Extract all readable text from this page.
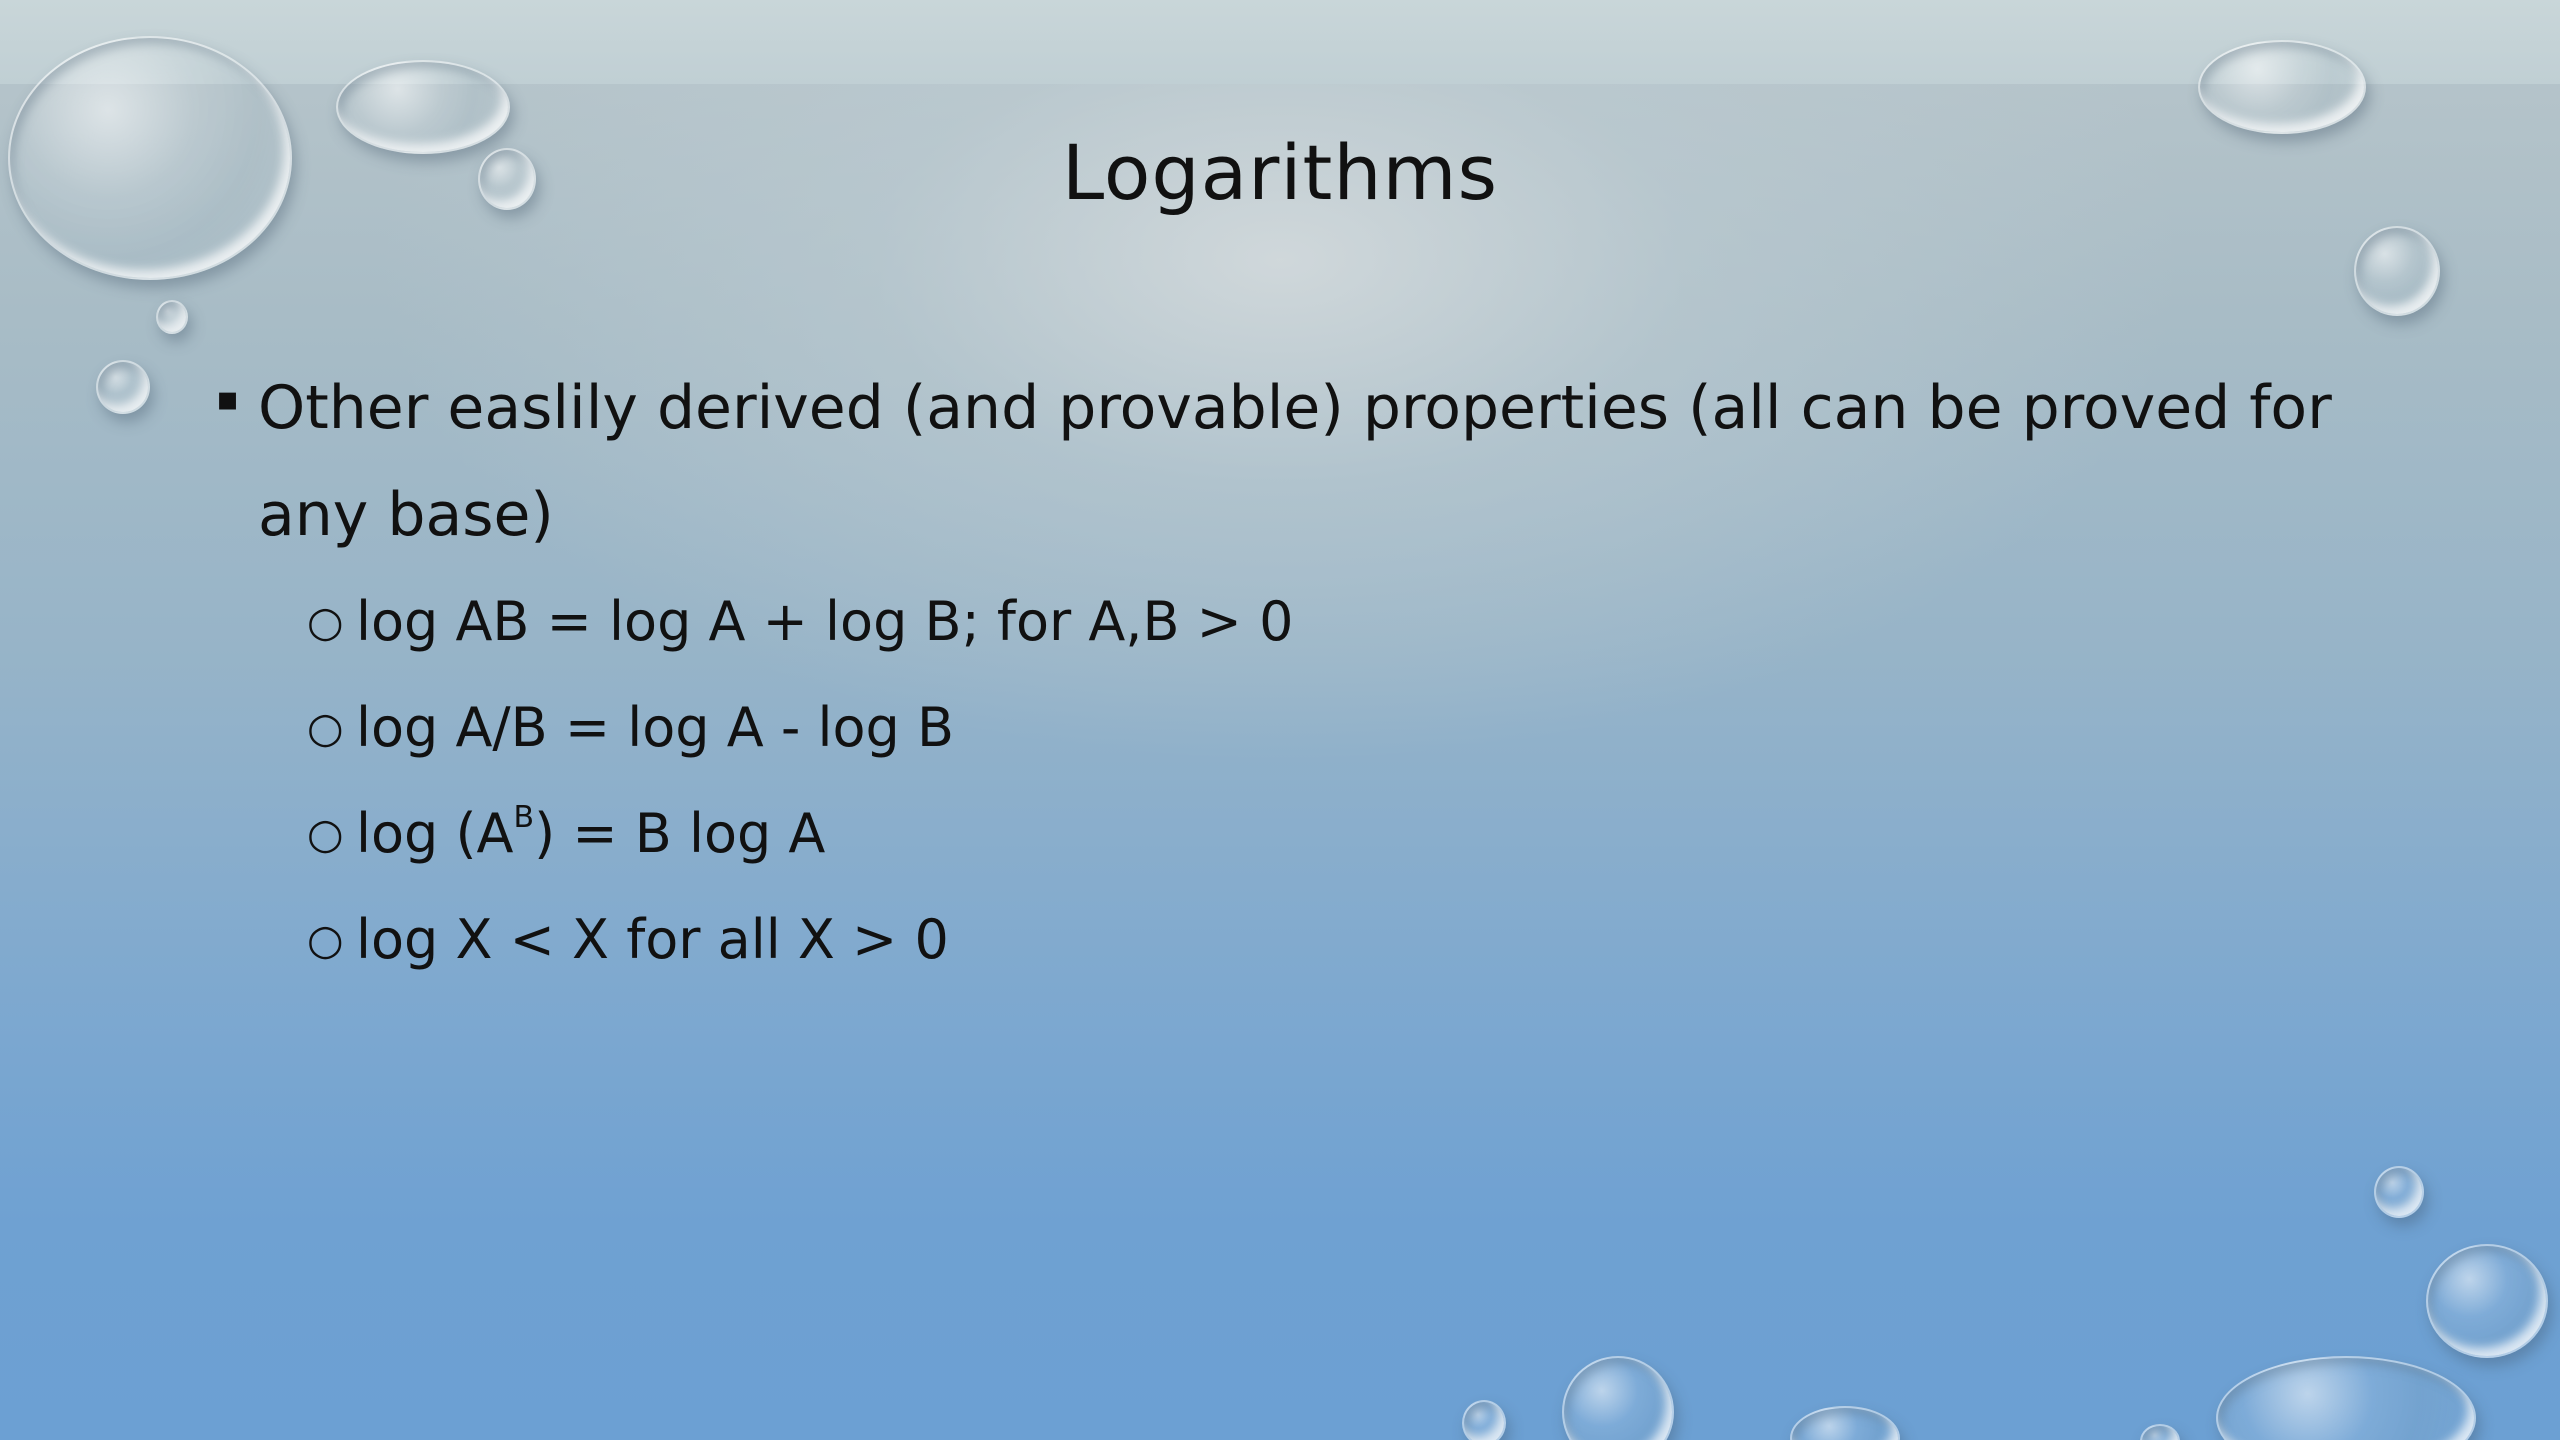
Logarithms
▪ Other easlily derived (and provable) properties (all can be proved for any base)
○ log AB = log A + log B; for A,B > 0
○ log A/B = log A - log B
○ $\log (A^B) = B$ log A
○ log X < X for all X > 0
